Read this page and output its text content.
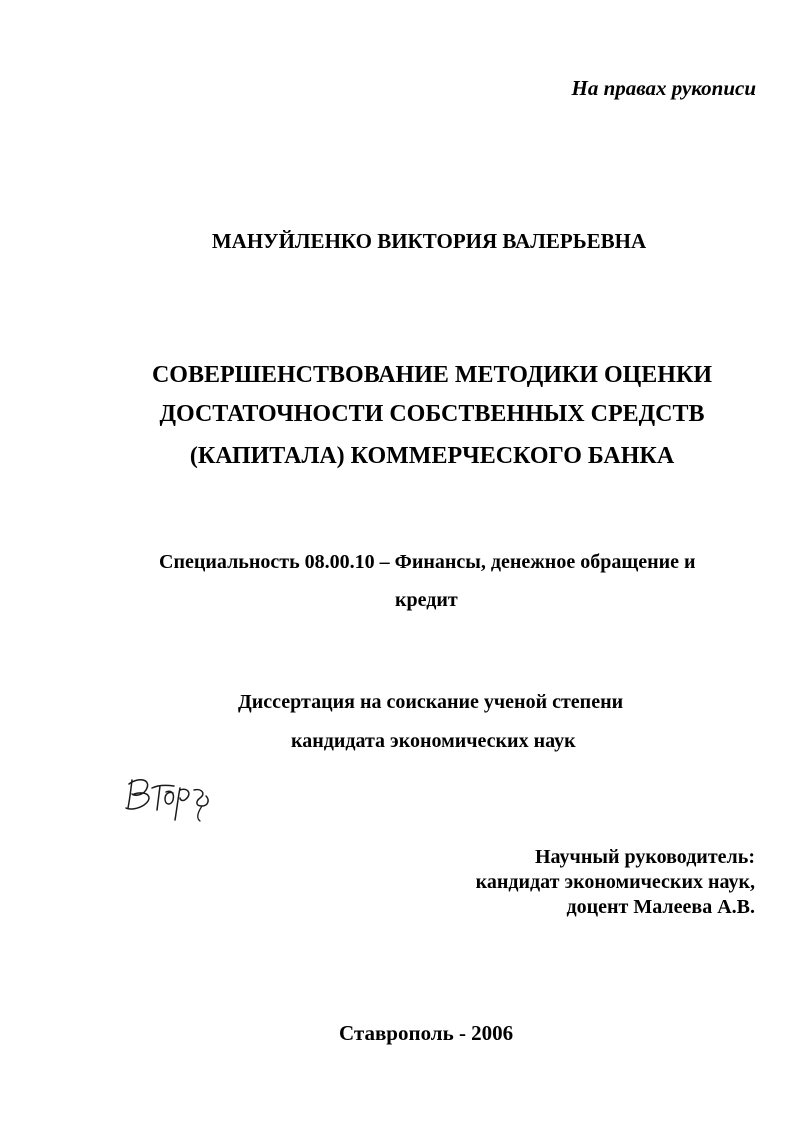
На правах рукописи

МАНУЙЛЕНКО ВИКТОРИЯ ВАЛЕРЬЕВНА

СОВЕРШЕНСТВОВАНИЕ МЕТОДИКИ ОЦЕНКИ

ДОСТАТОЧНОСТИ СОБСТВЕННЫХ СРЕДСТВ

(КАПИТАЛА) КОММЕРЧЕСКОГО БАНКА

Специальность 08.00.10 – Финансы, денежное обращение и

кредит

Диссертация на соискание ученой степени

кандидата экономических наук

Научный руководитель:

кандидат экономических наук,

доцент Малеева А.В.

Ставрополь - 2006
